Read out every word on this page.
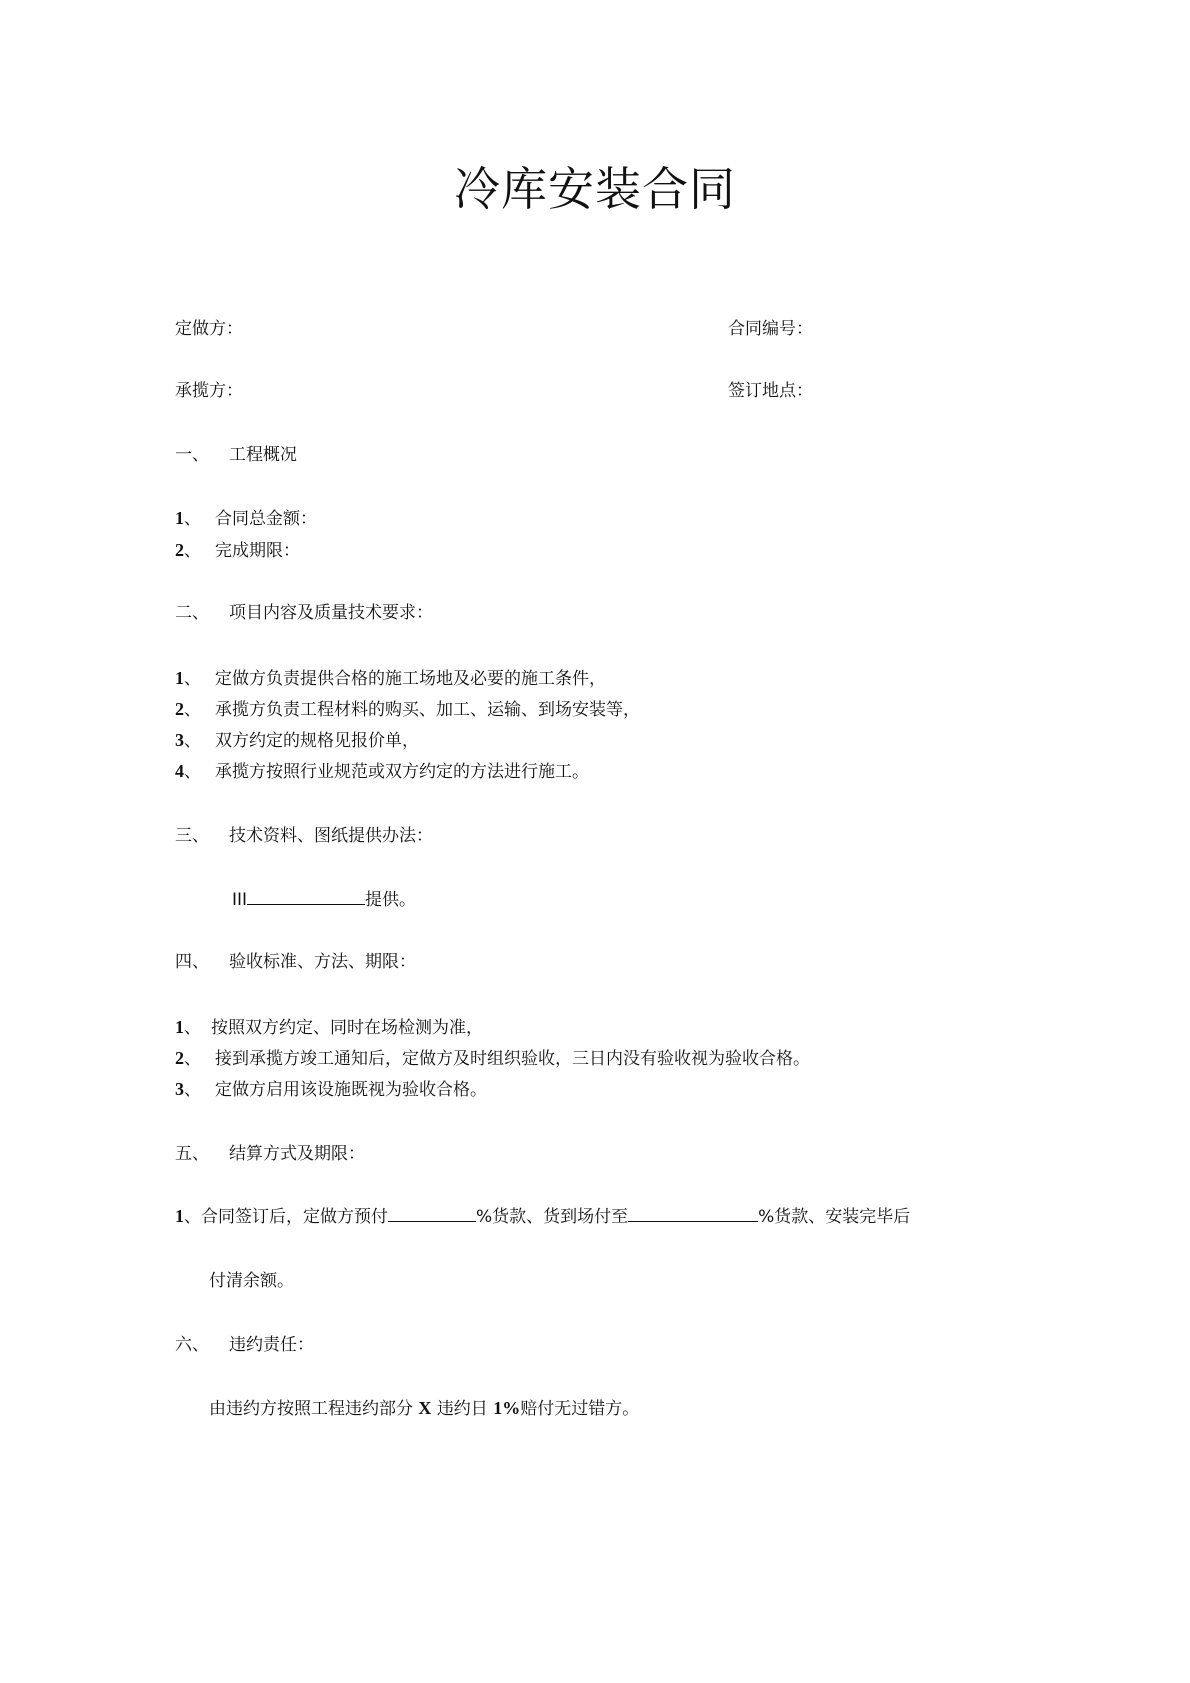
冷库安装合同
定做方：	合同编号：
承揽方：	签订地点：
一、 工程概况
1、 合同总金额：
2、 完成期限：
二、 项目内容及质量技术要求：
1、 定做方负责提供合格的施工场地及必要的施工条件，
2、 承揽方负责工程材料的购买、加工、运输、到场安装等，
3、 双方约定的规格见报价单，
4、 承揽方按照行业规范或双方约定的方法进行施工。
三、 技术资料、图纸提供办法：
III	提供。
四、 验收标准、方法、期限：
1、 按照双方约定、同时在场检测为准，
2、 接到承揽方竣工通知后，定做方及时组织验收，三日内没有验收视为验收合格。
3、 定做方启用该设施既视为验收合格。
五、 结算方式及期限：
1、合同签订后，定做方预付	%货款、货到场付至	%货款、安装完毕后
付清余额。
六、 违约责任：
由违约方按照工程违约部分 X 违约日 1%赔付无过错方。
